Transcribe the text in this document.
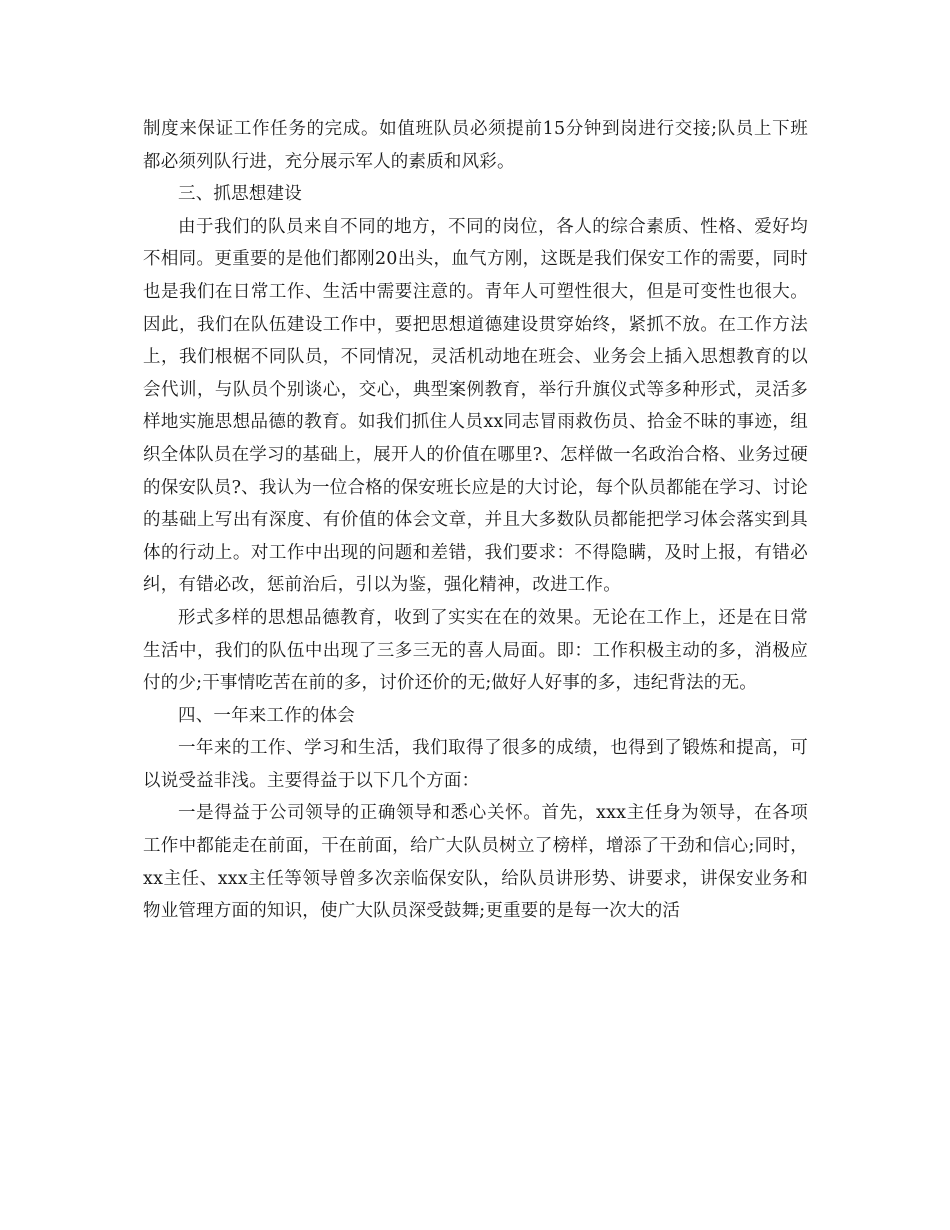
制度来保证工作任务的完成。如值班队员必须提前15分钟到岗进行交接;队员上下班都必须列队行进，充分展示军人的素质和风彩。

三、抓思想建设

由于我们的队员来自不同的地方，不同的岗位，各人的综合素质、性格、爱好均不相同。更重要的是他们都刚20出头，血气方刚，这既是我们保安工作的需要，同时也是我们在日常工作、生活中需要注意的。青年人可塑性很大，但是可变性也很大。因此，我们在队伍建设工作中，要把思想道德建设贯穿始终，紧抓不放。在工作方法上，我们根椐不同队员，不同情况，灵活机动地在班会、业务会上插入思想教育的以会代训，与队员个别谈心，交心，典型案例教育，举行升旗仪式等多种形式，灵活多样地实施思想品德的教育。如我们抓住人员xx同志冒雨救伤员、拾金不昧的事迹，组织全体队员在学习的基础上，展开人的价值在哪里?、怎样做一名政治合格、业务过硬的保安队员?、我认为一位合格的保安班长应是的大讨论，每个队员都能在学习、讨论的基础上写出有深度、有价值的体会文章，并且大多数队员都能把学习体会落实到具体的行动上。对工作中出现的问题和差错，我们要求：不得隐瞒，及时上报，有错必纠，有错必改，惩前治后，引以为鉴，强化精神，改进工作。

形式多样的思想品德教育，收到了实实在在的效果。无论在工作上，还是在日常生活中，我们的队伍中出现了三多三无的喜人局面。即：工作积极主动的多，消极应付的少;干事情吃苦在前的多，讨价还价的无;做好人好事的多，违纪背法的无。

四、一年来工作的体会

一年来的工作、学习和生活，我们取得了很多的成绩，也得到了锻炼和提高，可以说受益非浅。主要得益于以下几个方面：

一是得益于公司领导的正确领导和悉心关怀。首先，xxx主任身为领导，在各项工作中都能走在前面，干在前面，给广大队员树立了榜样，增添了干劲和信心;同时，xx主任、xxx主任等领导曾多次亲临保安队，给队员讲形势、讲要求，讲保安业务和物业管理方面的知识，使广大队员深受鼓舞;更重要的是每一次大的活
